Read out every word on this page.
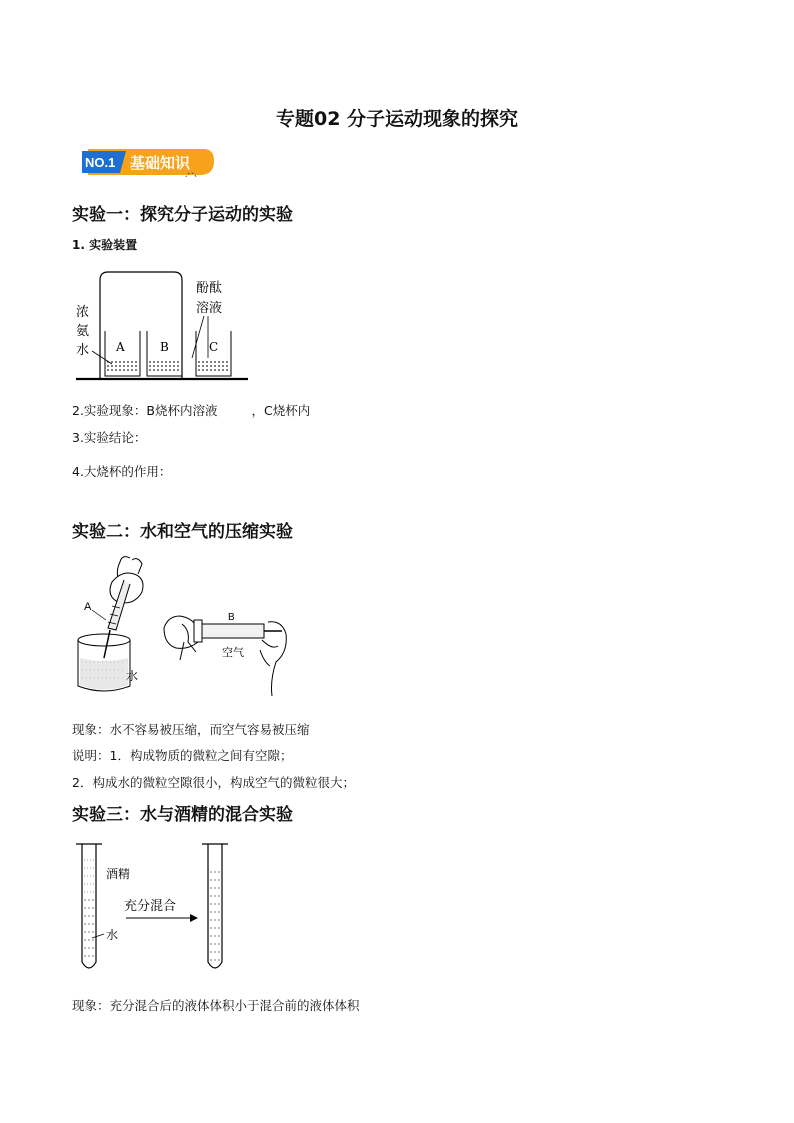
专题02 分子运动现象的探究
NO.1 基础知识
实验一：探究分子运动的实验
1. 实验装置
A	B	C
浓
氨
水
酚酞
溶液
2.实验现象：B烧杯内溶液	，C烧杯内
3.实验结论：
4.大烧杯的作用：
实验二：水和空气的压缩实验
A
水
B
空气
现象：水不容易被压缩，而空气容易被压缩
说明：1．构成物质的微粒之间有空隙；
2．构成水的微粒空隙很小，构成空气的微粒很大；
实验三：水与酒精的混合实验
酒精
水
充分混合
现象：充分混合后的液体体积小于混合前的液体体积
